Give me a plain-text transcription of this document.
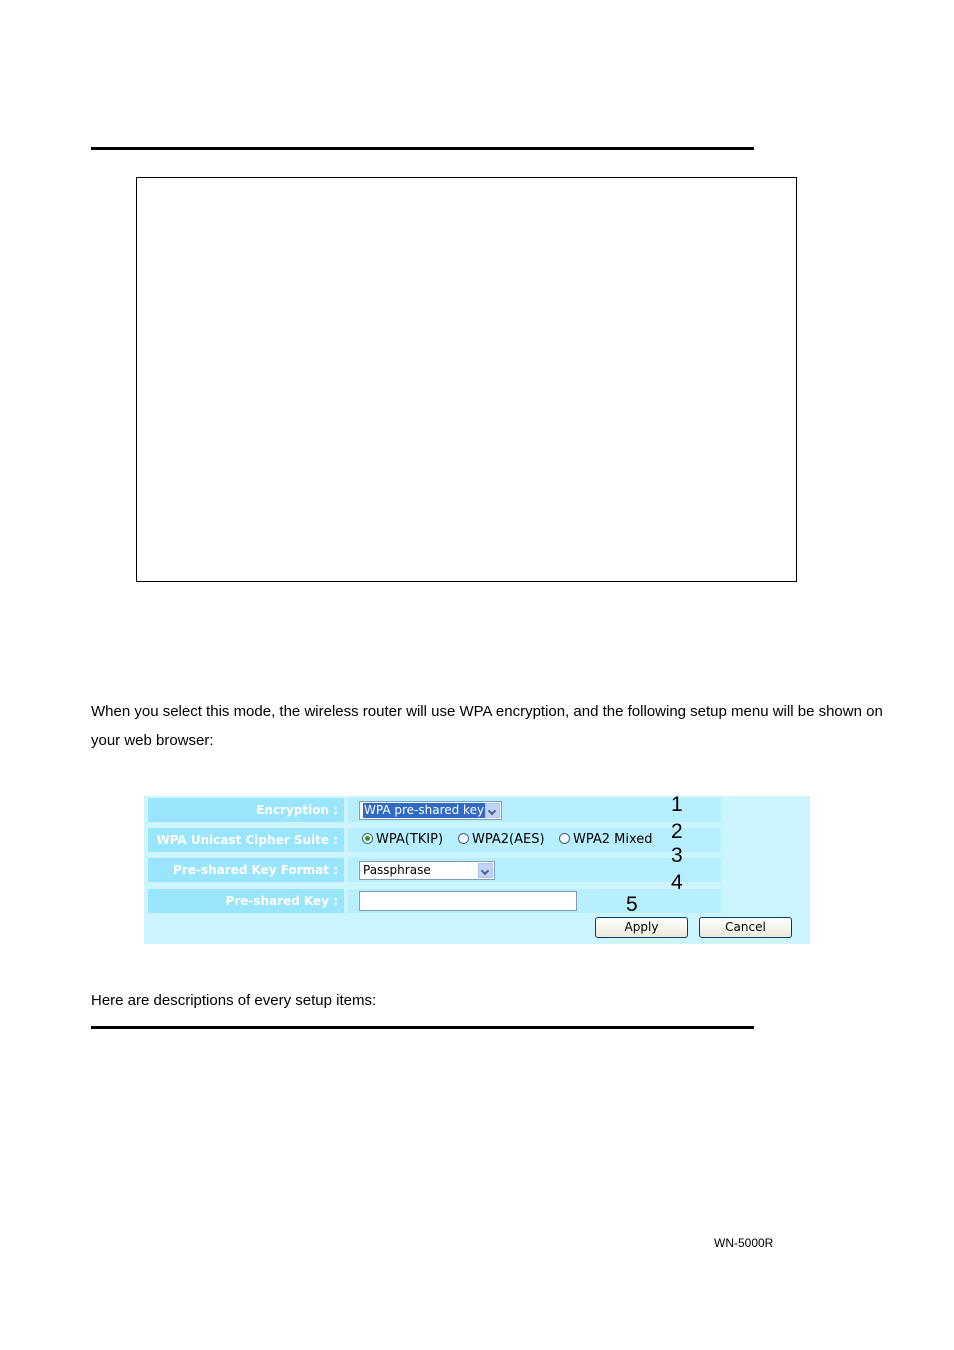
When you select this mode, the wireless router will use WPA encryption, and the following setup menu will be shown on your web browser:

Encryption :	WPA pre-shared key
WPA Unicast Cipher Suite :	WPA(TKIP)	WPA2(AES)	WPA2 Mixed
Pre-shared Key Format :	Passphrase
Pre-shared Key :
Apply	Cancel
1
2
3
4
5

Here are descriptions of every setup items:

WN-5000R
